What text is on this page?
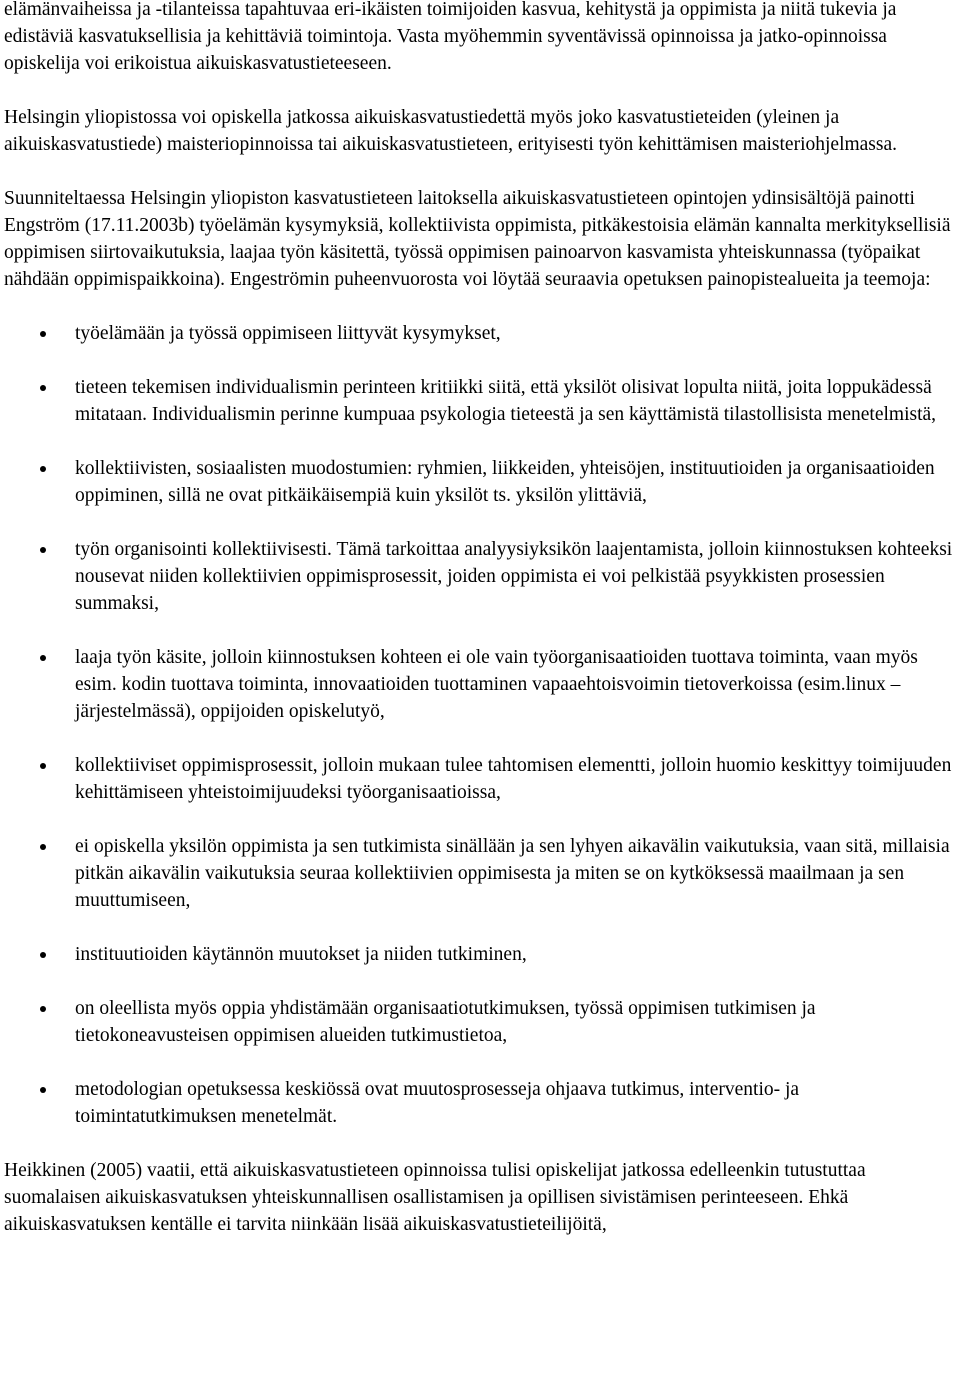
elämänvaiheissa ja -tilanteissa tapahtuvaa eri-ikäisten toimijoiden kasvua, kehitystä ja oppimista ja niitä tukevia ja edistäviä kasvatuksellisia ja kehittäviä toimintoja. Vasta myöhemmin syventävissä opinnoissa ja jatko-opinnoissa opiskelija voi erikoistua aikuiskasvatustieteeseen.

Helsingin yliopistossa voi opiskella jatkossa aikuiskasvatustiedettä myös joko kasvatustieteiden (yleinen ja aikuiskasvatustiede) maisteriopinnoissa tai aikuiskasvatustieteen, erityisesti työn kehittämisen maisteriohjelmassa.

Suunniteltaessa Helsingin yliopiston kasvatustieteen laitoksella aikuiskasvatustieteen opintojen ydinsisältöjä painotti Engström (17.11.2003b) työelämän kysymyksiä, kollektiivista oppimista, pitkäkestoisia elämän kannalta merkityksellisiä oppimisen siirtovaikutuksia, laajaa työn käsitettä, työssä oppimisen painoarvon kasvamista yhteiskunnassa (työpaikat nähdään oppimispaikkoina). Engeströmin puheenvuorosta voi löytää seuraavia opetuksen painopistealueita ja teemoja:

työelämään ja työssä oppimiseen liittyvät kysymykset,
tieteen tekemisen individualismin perinteen kritiikki siitä, että yksilöt olisivat lopulta niitä, joita loppukädessä mitataan. Individualismin perinne kumpuaa psykologia tieteestä ja sen käyttämistä tilastollisista menetelmistä,
kollektiivisten, sosiaalisten muodostumien: ryhmien, liikkeiden, yhteisöjen, instituutioiden ja organisaatioiden oppiminen, sillä ne ovat pitkäikäisempiä kuin yksilöt ts. yksilön ylittäviä,
työn organisointi kollektiivisesti. Tämä tarkoittaa analyysiyksikön laajentamista, jolloin kiinnostuksen kohteeksi nousevat niiden kollektiivien oppimisprosessit, joiden oppimista ei voi pelkistää psyykkisten prosessien summaksi,
laaja työn käsite, jolloin kiinnostuksen kohteen ei ole vain työorganisaatioiden tuottava toiminta, vaan myös esim. kodin tuottava toiminta, innovaatioiden tuottaminen vapaaehtoisvoimin tietoverkoissa (esim.linux –järjestelmässä), oppijoiden opiskelutyö,
kollektiiviset oppimisprosessit, jolloin mukaan tulee tahtomisen elementti, jolloin huomio keskittyy toimijuuden kehittämiseen yhteistoimijuudeksi työorganisaatioissa,
ei opiskella yksilön oppimista ja sen tutkimista sinällään ja sen lyhyen aikavälin vaikutuksia, vaan sitä, millaisia pitkän aikavälin vaikutuksia seuraa kollektiivien oppimisesta ja miten se on kytköksessä maailmaan ja sen muuttumiseen,
instituutioiden käytännön muutokset ja niiden tutkiminen,
on oleellista myös oppia yhdistämään organisaatiotutkimuksen, työssä oppimisen tutkimisen ja tietokoneavusteisen oppimisen alueiden tutkimustietoa,
metodologian opetuksessa keskiössä ovat muutosprosesseja ohjaava tutkimus, interventio- ja toimintatutkimuksen menetelmät.

Heikkinen (2005) vaatii, että aikuiskasvatustieteen opinnoissa tulisi opiskelijat jatkossa edelleenkin tutustuttaa suomalaisen aikuiskasvatuksen yhteiskunnallisen osallistamisen ja opillisen sivistämisen perinteeseen. Ehkä aikuiskasvatuksen kentälle ei tarvita niinkään lisää aikuiskasvatustieteilijöitä,
